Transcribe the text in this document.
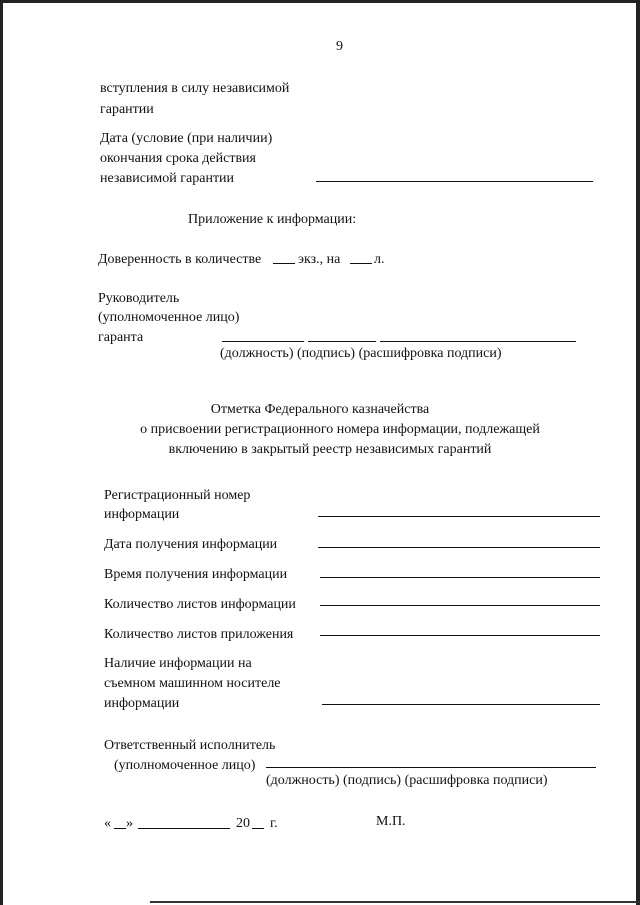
9
вступления в силу независимой
гарантии
Дата (условие (при наличии)
окончания срока действия
независимой гарантии
Приложение к информации:
Доверенность в количестве	экз., на л.
Руководитель
(уполномоченное лицо)
гаранта
(должность) (подпись) (расшифровка подписи)
Отметка Федерального казначейства
о присвоении регистрационного номера информации, подлежащей
включению в закрытый реестр независимых гарантий
Регистрационный номер
информации
Дата получения информации
Время получения информации
Количество листов информации
Количество листов приложения
Наличие информации на
съемном машинном носителе
информации
Ответственный исполнитель
(уполномоченное лицо)
(должность) (подпись) (расшифровка подписи)
« »	20 г.	М.П.
